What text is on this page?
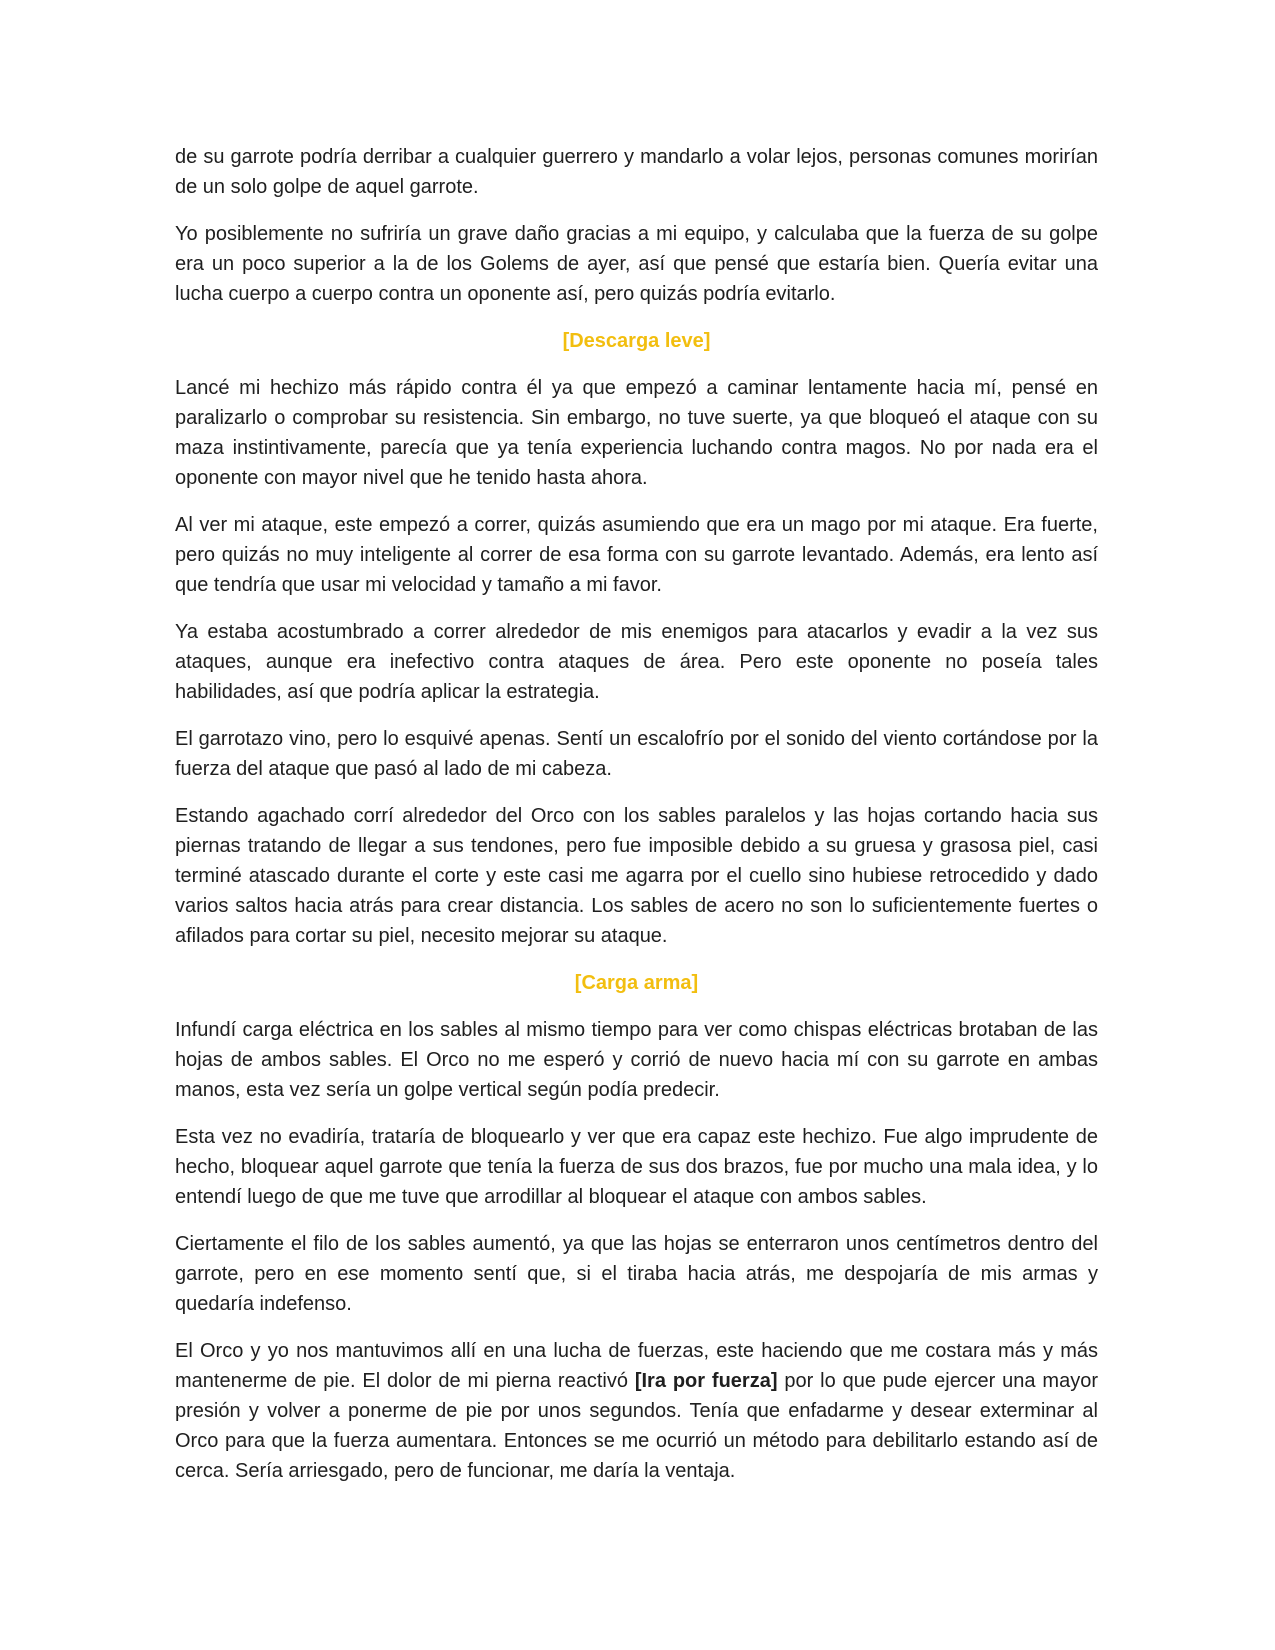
de su garrote podría derribar a cualquier guerrero y mandarlo a volar lejos, personas comunes morirían de un solo golpe de aquel garrote.

Yo posiblemente no sufriría un grave daño gracias a mi equipo, y calculaba que la fuerza de su golpe era un poco superior a la de los Golems de ayer, así que pensé que estaría bien. Quería evitar una lucha cuerpo a cuerpo contra un oponente así, pero quizás podría evitarlo.

[Descarga leve]

Lancé mi hechizo más rápido contra él ya que empezó a caminar lentamente hacia mí, pensé en paralizarlo o comprobar su resistencia. Sin embargo, no tuve suerte, ya que bloqueó el ataque con su maza instintivamente, parecía que ya tenía experiencia luchando contra magos. No por nada era el oponente con mayor nivel que he tenido hasta ahora.

Al ver mi ataque, este empezó a correr, quizás asumiendo que era un mago por mi ataque. Era fuerte, pero quizás no muy inteligente al correr de esa forma con su garrote levantado. Además, era lento así que tendría que usar mi velocidad y tamaño a mi favor.

Ya estaba acostumbrado a correr alrededor de mis enemigos para atacarlos y evadir a la vez sus ataques, aunque era inefectivo contra ataques de área. Pero este oponente no poseía tales habilidades, así que podría aplicar la estrategia.

El garrotazo vino, pero lo esquivé apenas. Sentí un escalofrío por el sonido del viento cortándose por la fuerza del ataque que pasó al lado de mi cabeza.

Estando agachado corrí alrededor del Orco con los sables paralelos y las hojas cortando hacia sus piernas tratando de llegar a sus tendones, pero fue imposible debido a su gruesa y grasosa piel, casi terminé atascado durante el corte y este casi me agarra por el cuello sino hubiese retrocedido y dado varios saltos hacia atrás para crear distancia. Los sables de acero no son lo suficientemente fuertes o afilados para cortar su piel, necesito mejorar su ataque.

[Carga arma]

Infundí carga eléctrica en los sables al mismo tiempo para ver como chispas eléctricas brotaban de las hojas de ambos sables. El Orco no me esperó y corrió de nuevo hacia mí con su garrote en ambas manos, esta vez sería un golpe vertical según podía predecir.

Esta vez no evadiría, trataría de bloquearlo y ver que era capaz este hechizo. Fue algo imprudente de hecho, bloquear aquel garrote que tenía la fuerza de sus dos brazos, fue por mucho una mala idea, y lo entendí luego de que me tuve que arrodillar al bloquear el ataque con ambos sables.

Ciertamente el filo de los sables aumentó, ya que las hojas se enterraron unos centímetros dentro del garrote, pero en ese momento sentí que, si el tiraba hacia atrás, me despojaría de mis armas y quedaría indefenso.

El Orco y yo nos mantuvimos allí en una lucha de fuerzas, este haciendo que me costara más y más mantenerme de pie. El dolor de mi pierna reactivó [Ira por fuerza] por lo que pude ejercer una mayor presión y volver a ponerme de pie por unos segundos. Tenía que enfadarme y desear exterminar al Orco para que la fuerza aumentara. Entonces se me ocurrió un método para debilitarlo estando así de cerca. Sería arriesgado, pero de funcionar, me daría la ventaja.
